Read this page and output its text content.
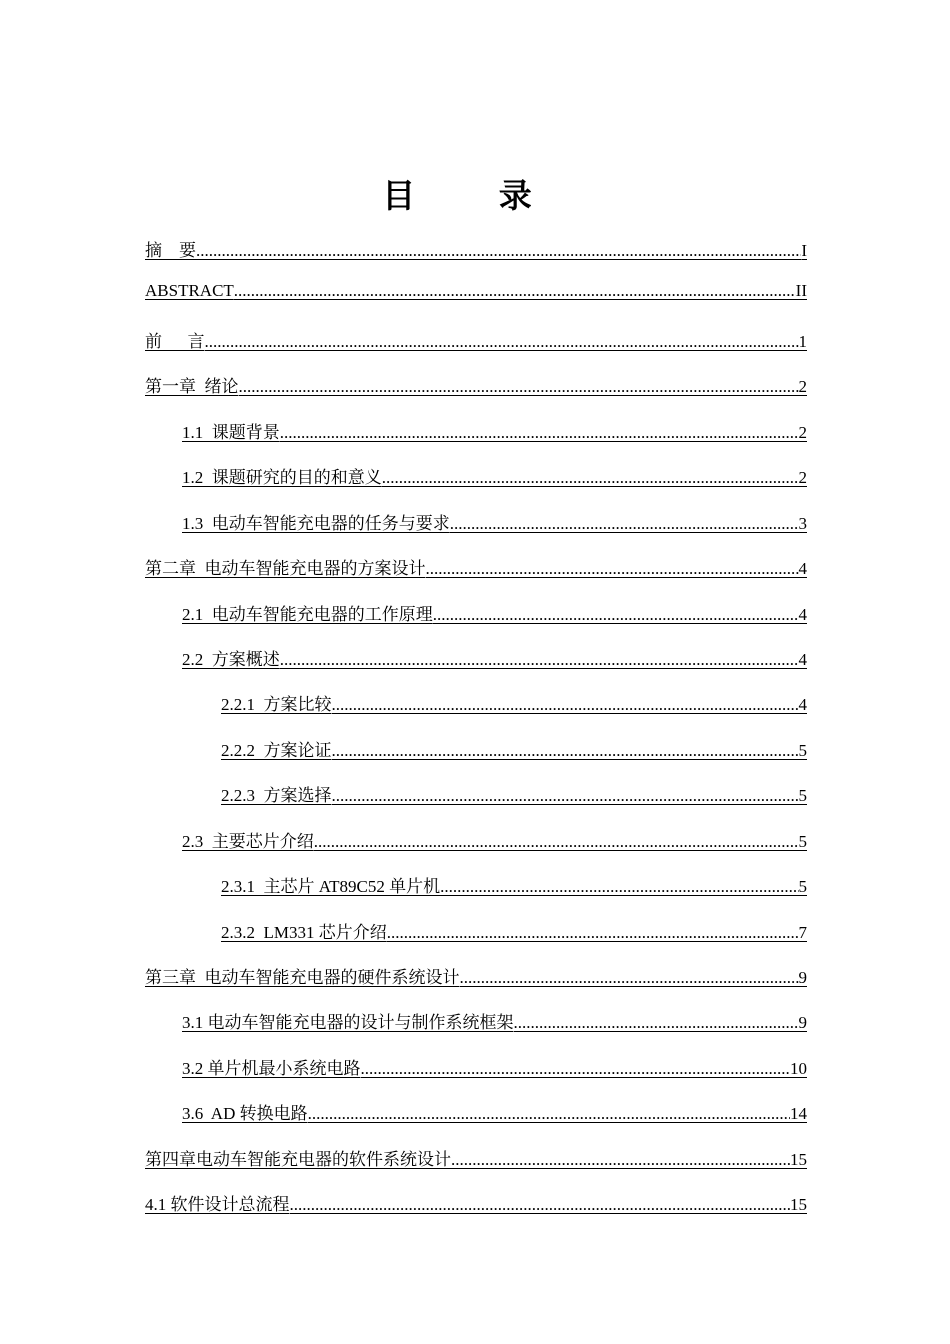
目 录
摘    要 .....	I
ABSTRACT .....	II
前      言 .....	1
第一章  绪论 .....	2
1.1  课题背景 .....	2
1.2  课题研究的目的和意义 .....	2
1.3  电动车智能充电器的任务与要求 .....	3
第二章  电动车智能充电器的方案设计 .....	4
2.1  电动车智能充电器的工作原理 .....	4
2.2  方案概述 .....	4
2.2.1  方案比较 .....	4
2.2.2  方案论证 .....	5
2.2.3  方案选择 .....	5
2.3  主要芯片介绍 .....	5
2.3.1  主芯片 AT89C52 单片机 .....	5
2.3.2  LM331 芯片介绍 .....	7
第三章  电动车智能充电器的硬件系统设计 .....	9
3.1 电动车智能充电器的设计与制作系统框架 .....	9
3.2 单片机最小系统电路 .....	10
3.6  AD 转换电路 .....	14
第四章电动车智能充电器的软件系统设计 .....	15
4.1 软件设计总流程 .....	15
